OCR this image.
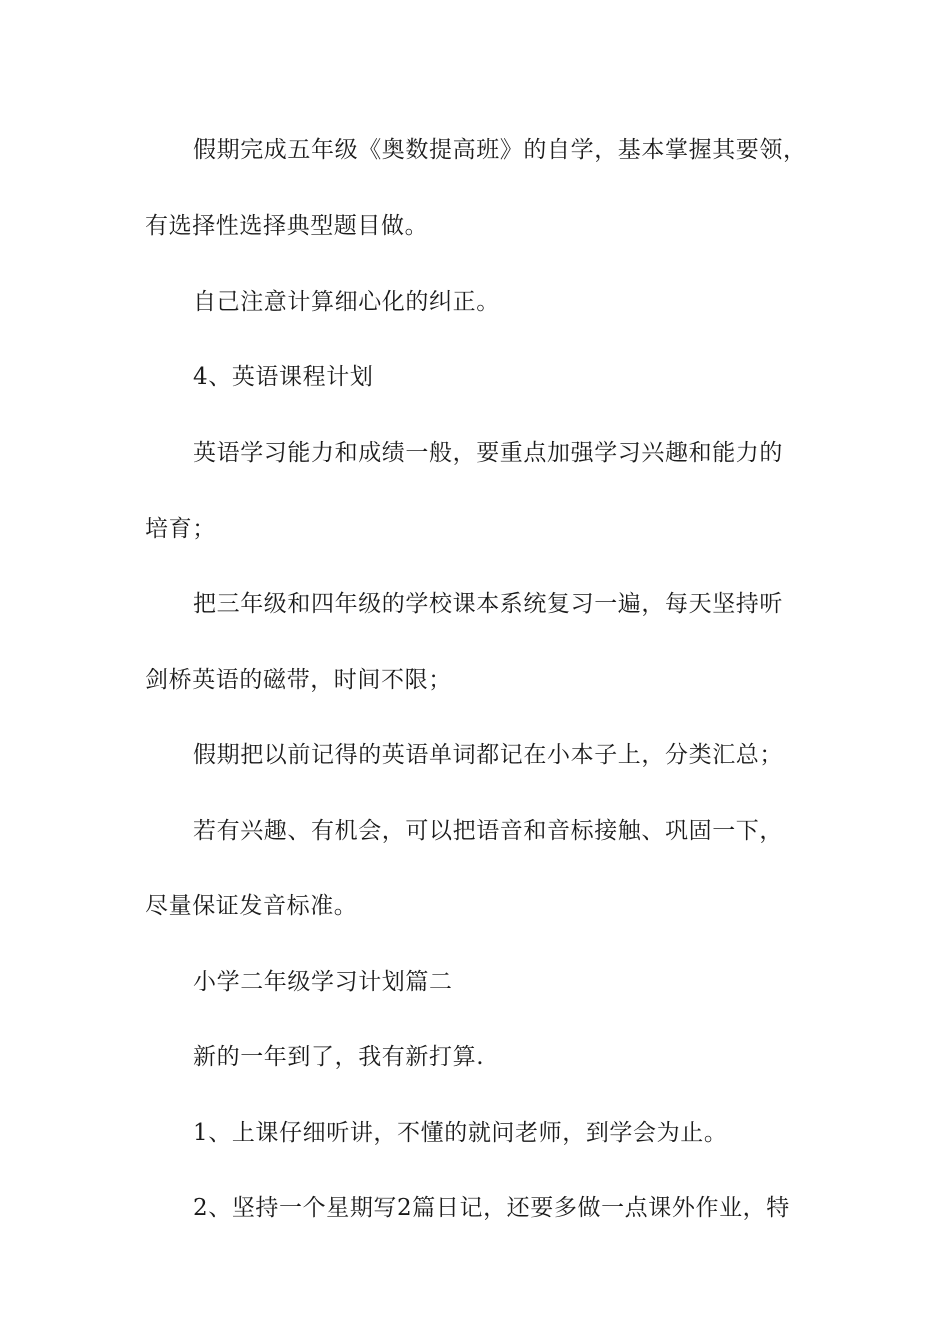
假期完成五年级《奥数提高班》的自学，基本掌握其要领，

有选择性选择典型题目做。

自己注意计算细心化的纠正。

4、英语课程计划

英语学习能力和成绩一般，要重点加强学习兴趣和能力的

培育；

把三年级和四年级的学校课本系统复习一遍，每天坚持听

剑桥英语的磁带，时间不限；

假期把以前记得的英语单词都记在小本子上，分类汇总；

若有兴趣、有机会，可以把语音和音标接触、巩固一下，

尽量保证发音标准。

小学二年级学习计划篇二

新的一年到了，我有新打算.

1、上课仔细听讲，不懂的就问老师，到学会为止。

2、坚持一个星期写2篇日记，还要多做一点课外作业，特
